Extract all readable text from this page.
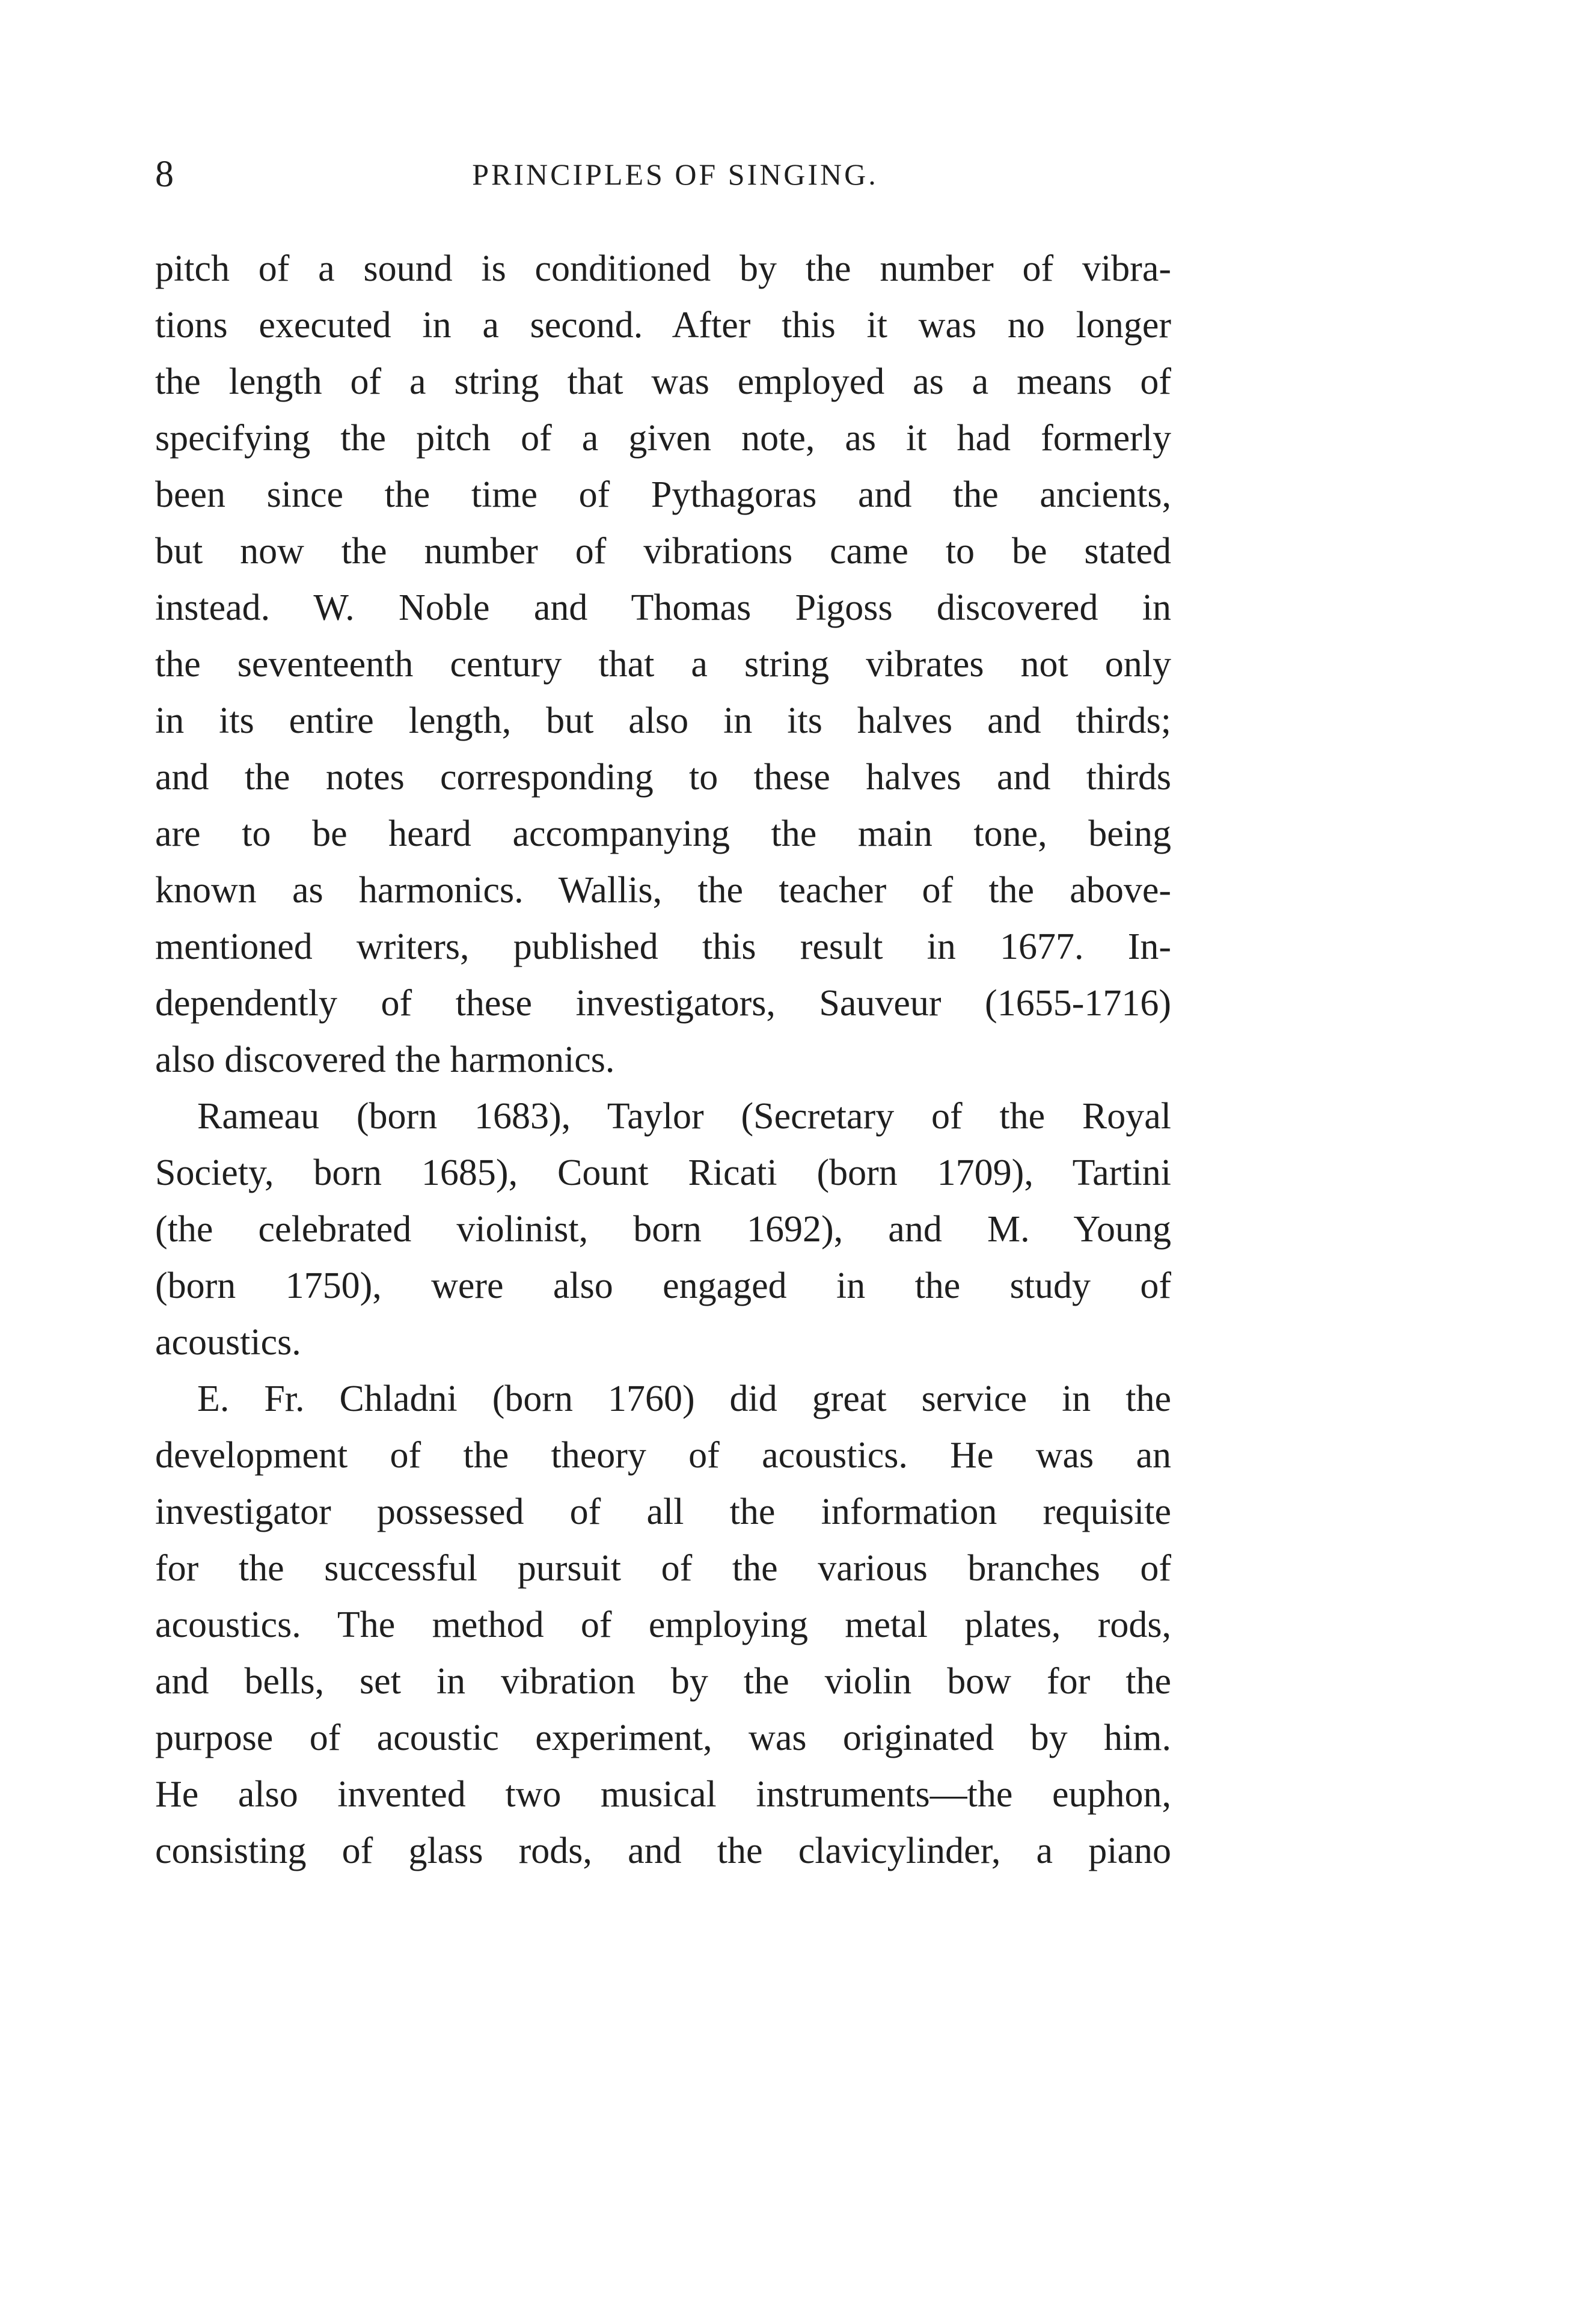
8	PRINCIPLES OF SINGING.
pitch of a sound is conditioned by the number of vibra-
tions executed in a second. After this it was no longer
the length of a string that was employed as a means of
specifying the pitch of a given note, as it had formerly
been since the time of Pythagoras and the ancients,
but now the number of vibrations came to be stated
instead. W. Noble and Thomas Pigoss discovered in
the seventeenth century that a string vibrates not only
in its entire length, but also in its halves and thirds;
and the notes corresponding to these halves and thirds
are to be heard accompanying the main tone, being
known as harmonics. Wallis, the teacher of the above-
mentioned writers, published this result in 1677. In-
dependently of these investigators, Sauveur (1655-1716)
also discovered the harmonics.
Rameau (born 1683), Taylor (Secretary of the Royal
Society, born 1685), Count Ricati (born 1709), Tartini
(the celebrated violinist, born 1692), and M. Young
(born 1750), were also engaged in the study of
acoustics.
E. Fr. Chladni (born 1760) did great service in the
development of the theory of acoustics. He was an
investigator possessed of all the information requisite
for the successful pursuit of the various branches of
acoustics. The method of employing metal plates, rods,
and bells, set in vibration by the violin bow for the
purpose of acoustic experiment, was originated by him.
He also invented two musical instruments—the euphon,
consisting of glass rods, and the clavicylinder, a piano
